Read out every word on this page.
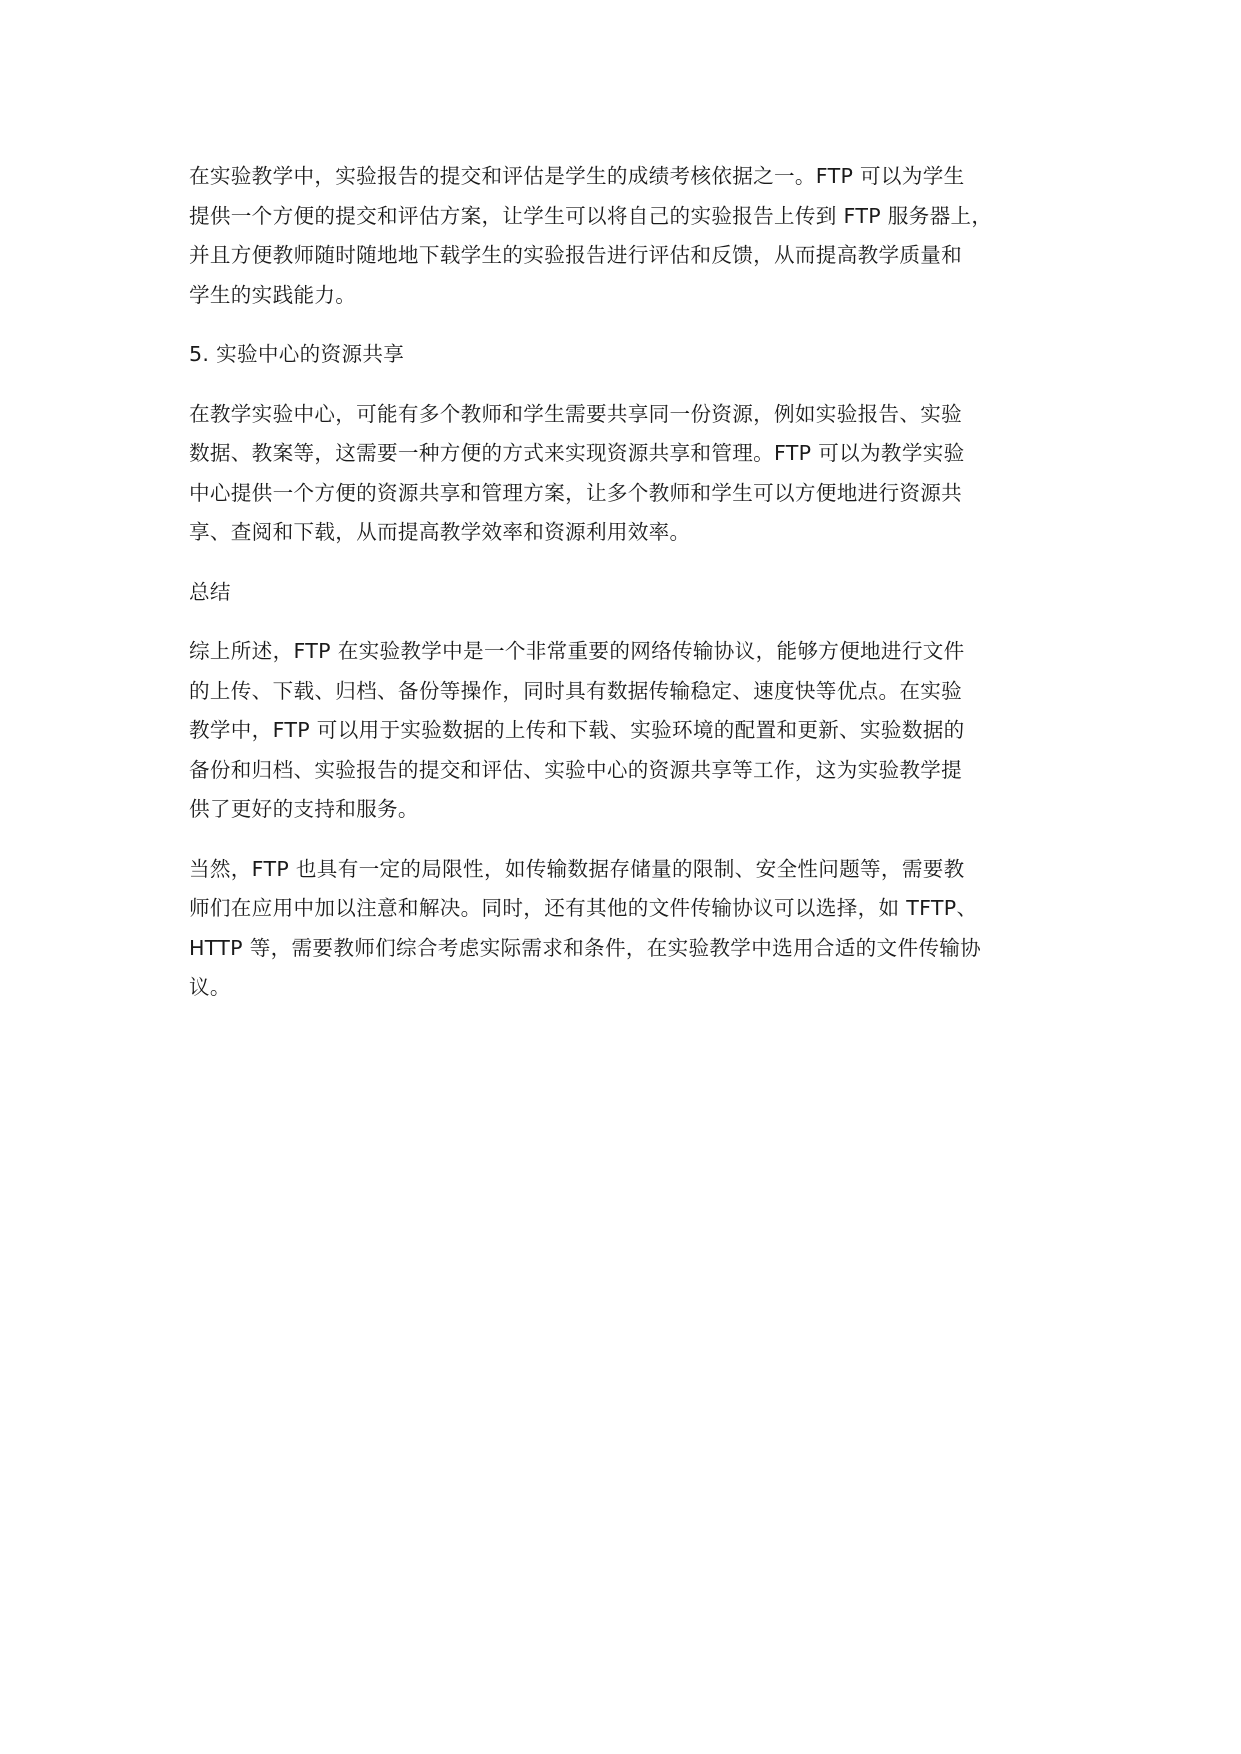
在实验教学中，实验报告的提交和评估是学生的成绩考核依据之一。FTP 可以为学生
提供一个方便的提交和评估方案，让学生可以将自己的实验报告上传到 FTP 服务器上，
并且方便教师随时随地地下载学生的实验报告进行评估和反馈，从而提高教学质量和
学生的实践能力。

5. 实验中心的资源共享

在教学实验中心，可能有多个教师和学生需要共享同一份资源，例如实验报告、实验
数据、教案等，这需要一种方便的方式来实现资源共享和管理。FTP 可以为教学实验
中心提供一个方便的资源共享和管理方案，让多个教师和学生可以方便地进行资源共
享、查阅和下载，从而提高教学效率和资源利用效率。

总结

综上所述，FTP 在实验教学中是一个非常重要的网络传输协议，能够方便地进行文件
的上传、下载、归档、备份等操作，同时具有数据传输稳定、速度快等优点。在实验
教学中，FTP 可以用于实验数据的上传和下载、实验环境的配置和更新、实验数据的
备份和归档、实验报告的提交和评估、实验中心的资源共享等工作，这为实验教学提
供了更好的支持和服务。

当然，FTP 也具有一定的局限性，如传输数据存储量的限制、安全性问题等，需要教
师们在应用中加以注意和解决。同时，还有其他的文件传输协议可以选择，如 TFTP、
HTTP 等，需要教师们综合考虑实际需求和条件，在实验教学中选用合适的文件传输协
议。
